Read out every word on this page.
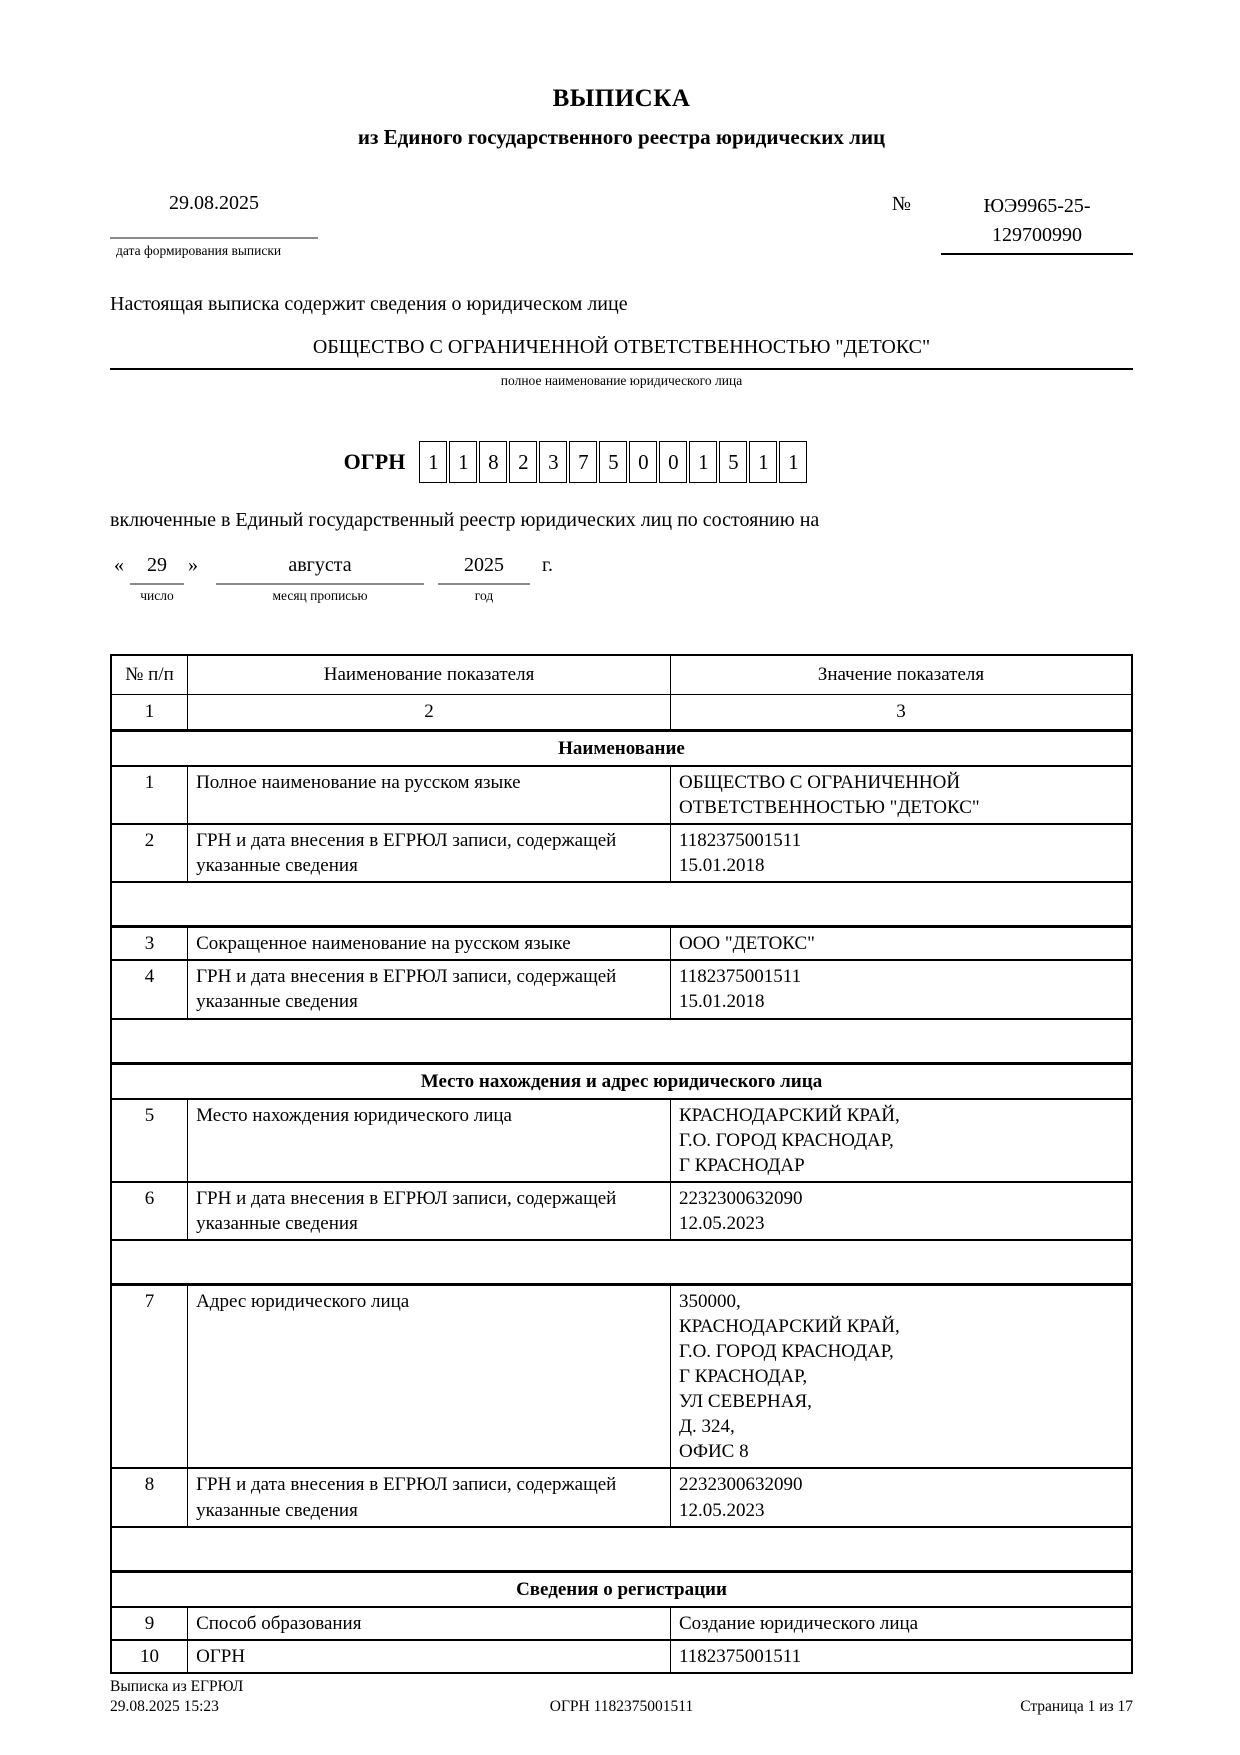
ВЫПИСКА
из Единого государственного реестра юридических лиц
29.08.2025
дата формирования выписки
№	ЮЭ9965-25-
129700990
Настоящая выписка содержит сведения о юридическом лице
ОБЩЕСТВО С ОГРАНИЧЕННОЙ ОТВЕТСТВЕННОСТЬЮ "ДЕТОКС"
полное наименование юридического лица
ОГРН	1 1 8 2 3 7 5 0 0 1 5 1 1
включенные в Единый государственный реестр юридических лиц по состоянию на
«	29
число
»	августа
месяц прописью
2025
год
г.
№ п/п	Наименование показателя	Значение показателя
1	2	3
Наименование		
1	Полное наименование на русском языке	ОБЩЕСТВО С ОГРАНИЧЕННОЙ
ОТВЕТСТВЕННОСТЬЮ "ДЕТОКС"

2	ГРН и дата внесения в ЕГРЮЛ записи, содержащей указанные сведения	1182375001511
15.01.2018

3	Сокращенное наименование на русском языке	ООО "ДЕТОКС"

4	ГРН и дата внесения в ЕГРЮЛ записи, содержащей указанные сведения	1182375001511
15.01.2018

Место нахождения и адрес юридического лица		
5	Место нахождения юридического лица	КРАСНОДАРСКИЙ КРАЙ,
Г.О. ГОРОД КРАСНОДАР,
Г КРАСНОДАР

6	ГРН и дата внесения в ЕГРЮЛ записи, содержащей указанные сведения	2232300632090
12.05.2023

7	Адрес юридического лица	350000,
КРАСНОДАРСКИЙ КРАЙ,
Г.О. ГОРОД КРАСНОДАР,
Г КРАСНОДАР,
УЛ СЕВЕРНАЯ,
Д. 324,
ОФИС 8

8	ГРН и дата внесения в ЕГРЮЛ записи, содержащей указанные сведения	2232300632090
12.05.2023

Сведения о регистрации		
9	Способ образования	Создание юридического лица

10	ОГРН	1182375001511
Выписка из ЕГРЮЛ
29.08.2025 15:23	ОГРН 1182375001511	Страница 1 из 17
